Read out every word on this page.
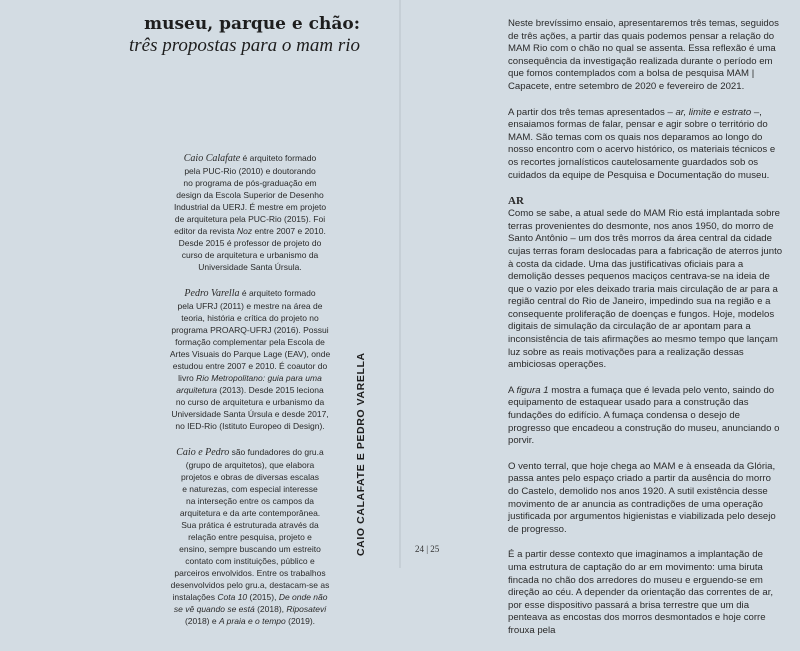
museu, parque e chão:
três propostas para o mam rio

Caio Calafate é arquiteto formado

pela PUC-Rio (2010) e doutorando

no programa de pós-graduação em

design da Escola Superior de Desenho

Industrial da UERJ. É mestre em projeto

de arquitetura pela PUC-Rio (2015). Foi

editor da revista Noz entre 2007 e 2010.

Desde 2015 é professor de projeto do

curso de arquitetura e urbanismo da

Universidade Santa Úrsula.

Pedro Varella é arquiteto formado

pela UFRJ (2011) e mestre na área de

teoria, história e crítica do projeto no

programa PROARQ-UFRJ (2016). Possui

formação complementar pela Escola de

Artes Visuais do Parque Lage (EAV), onde

estudou entre 2007 e 2010. É coautor do

livro Rio Metropolitano: guia para uma

arquitetura (2013). Desde 2015 leciona

no curso de arquitetura e urbanismo da

Universidade Santa Úrsula e desde 2017,

no IED-Rio (Istituto Europeo di Design).

Caio e Pedro são fundadores do gru.a

(grupo de arquitetos), que elabora

projetos e obras de diversas escalas

e naturezas, com especial interesse

na interseção entre os campos da

arquitetura e da arte contemporânea.

Sua prática é estruturada através da

relação entre pesquisa, projeto e

ensino, sempre buscando um estreito

contato com instituições, público e

parceiros envolvidos. Entre os trabalhos

desenvolvidos pelo gru.a, destacam-se as

instalações Cota 10 (2015), De onde não

se vê quando se está (2018), Riposatevi

(2018) e A praia e o tempo (2019).

CAIO CALAFATE E PEDRO VARELLA	24 | 25

Neste brevíssimo ensaio, apresentaremos três temas, seguidos de três ações, a partir das quais podemos pensar a relação do MAM Rio com o chão no qual se assenta. Essa reflexão é uma consequência da investigação realizada durante o período em que fomos contemplados com a bolsa de pesquisa MAM | Capacete, entre setembro de 2020 e fevereiro de 2021.

A partir dos três temas apresentados – ar, limite e estrato –, ensaiamos formas de falar, pensar e agir sobre o território do MAM. São temas com os quais nos deparamos ao longo do nosso encontro com o acervo histórico, os materiais técnicos e os recortes jornalísticos cautelosamente guardados sob os cuidados da equipe de Pesquisa e Documentação do museu.

AR

Como se sabe, a atual sede do MAM Rio está implantada sobre terras provenientes do desmonte, nos anos 1950, do morro de Santo Antônio – um dos três morros da área central da cidade cujas terras foram deslocadas para a fabricação de aterros junto à costa da cidade. Uma das justificativas oficiais para a demolição desses pequenos maciços centrava-se na ideia de que o vazio por eles deixado traria mais circulação de ar para a região central do Rio de Janeiro, impedindo sua na região e a consequente proliferação de doenças e fungos. Hoje, modelos digitais de simulação da circulação de ar apontam para a inconsistência de tais afirmações ao mesmo tempo que lançam luz sobre as reais motivações para a realização dessas ambiciosas operações.

A figura 1 mostra a fumaça que é levada pelo vento, saindo do equipamento de estaquear usado para a construção das fundações do edifício. A fumaça condensa o desejo de progresso que encadeou a construção do museu, anunciando o porvir.

O vento terral, que hoje chega ao MAM e à enseada da Glória, passa antes pelo espaço criado a partir da ausência do morro do Castelo, demolido nos anos 1920. A sutil existência desse movimento de ar anuncia as contradições de uma operação justificada por argumentos higienistas e viabilizada pelo desejo de progresso.

É a partir desse contexto que imaginamos a implantação de uma estrutura de captação do ar em movimento: uma biruta fincada no chão dos arredores do museu e erguendo-se em direção ao céu. A depender da orientação das correntes de ar, por esse dispositivo passará a brisa terrestre que um dia penteava as encostas dos morros desmontados e hoje corre frouxa pela
